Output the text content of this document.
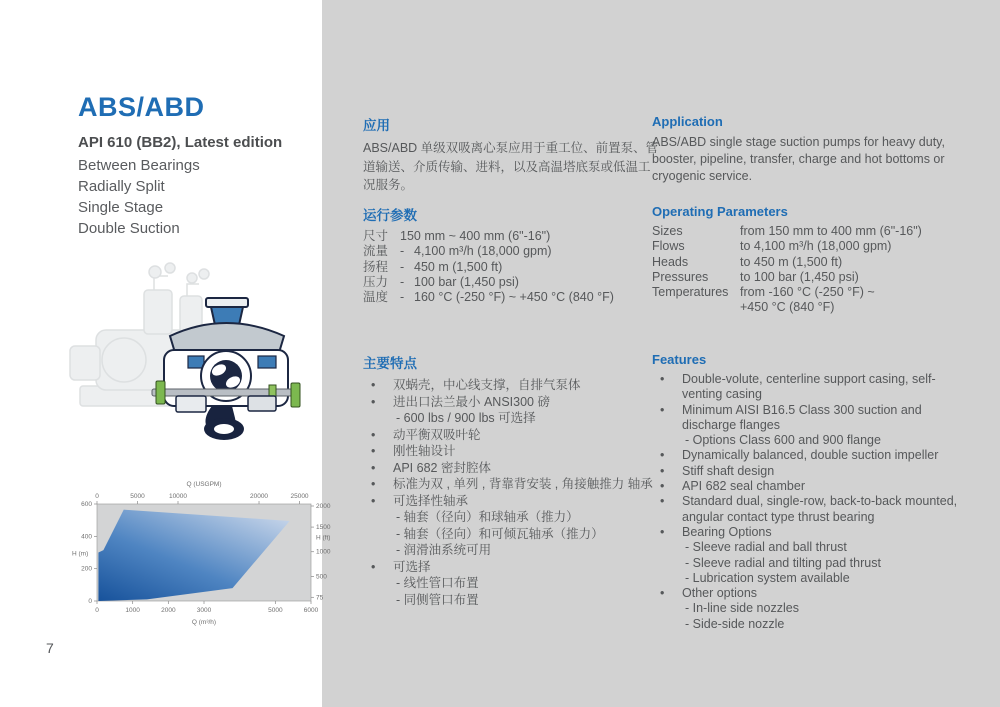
ABS/ABD
API 610 (BB2), Latest edition
Between Bearings
Radially Split
Single Stage
Double Suction
0	1000	2000	3000	5000	6000
Q (m³/h)
0	5000	10000	20000	25000
Q (USGPM)
0
200
400
600
H (m)
75
500
1000
1500
2000
H (ft)
7
应用
ABS/ABD 单级双吸离心泵应用于重工位、前置泵、管道输送、介质传输、进料，以及高温塔底泵或低温工况服务。
Application
ABS/ABD single stage suction pumps for heavy duty, booster, pipeline, transfer, charge and hot bottoms or cryogenic service.
运行参数
尺寸 150 mm ~ 400 mm (6"-16")
流量 - 4,100 m³/h (18,000 gpm)
扬程 - 450 m (1,500 ft)
压力 - 100 bar (1,450 psi)
温度 - 160 °C (-250 °F) ~ +450 °C (840 °F)
Operating Parameters
Sizes	from 150 mm to 400 mm (6"-16")
Flows	to 4,100 m³/h (18,000 gpm)
Heads	to 450 m (1,500 ft)
Pressures	to 100 bar (1,450 psi)
Temperatures from -160 °C (-250 °F) ~
+450 °C (840 °F)
主要特点
• 双蜗壳，中心线支撑，自排气泵体
• 进出口法兰最小 ANSI300 磅
- 600 lbs / 900 lbs 可选择
• 动平衡双吸叶轮
• 刚性轴设计
• API 682 密封腔体
• 标准为双 , 单列 , 背靠背安装 , 角接触推力 轴承
• 可选择性轴承
- 轴套（径向）和球轴承（推力）
- 轴套（径向）和可倾瓦轴承（推力）
- 润滑油系统可用
• 可选择
- 线性管口布置
- 同侧管口布置
Features
• Double-volute, centerline support casing, self-venting casing
• Minimum AISI B16.5 Class 300 suction and discharge flanges
- Options Class 600 and 900 flange
• Dynamically balanced, double suction impeller
• Stiff shaft design
• API 682 seal chamber
• Standard dual, single-row, back-to-back mounted, angular contact type thrust bearing
• Bearing Options
- Sleeve radial and ball thrust
- Sleeve radial and tilting pad thrust
- Lubrication system available
• Other options
- In-line side nozzles
- Side-side nozzle
